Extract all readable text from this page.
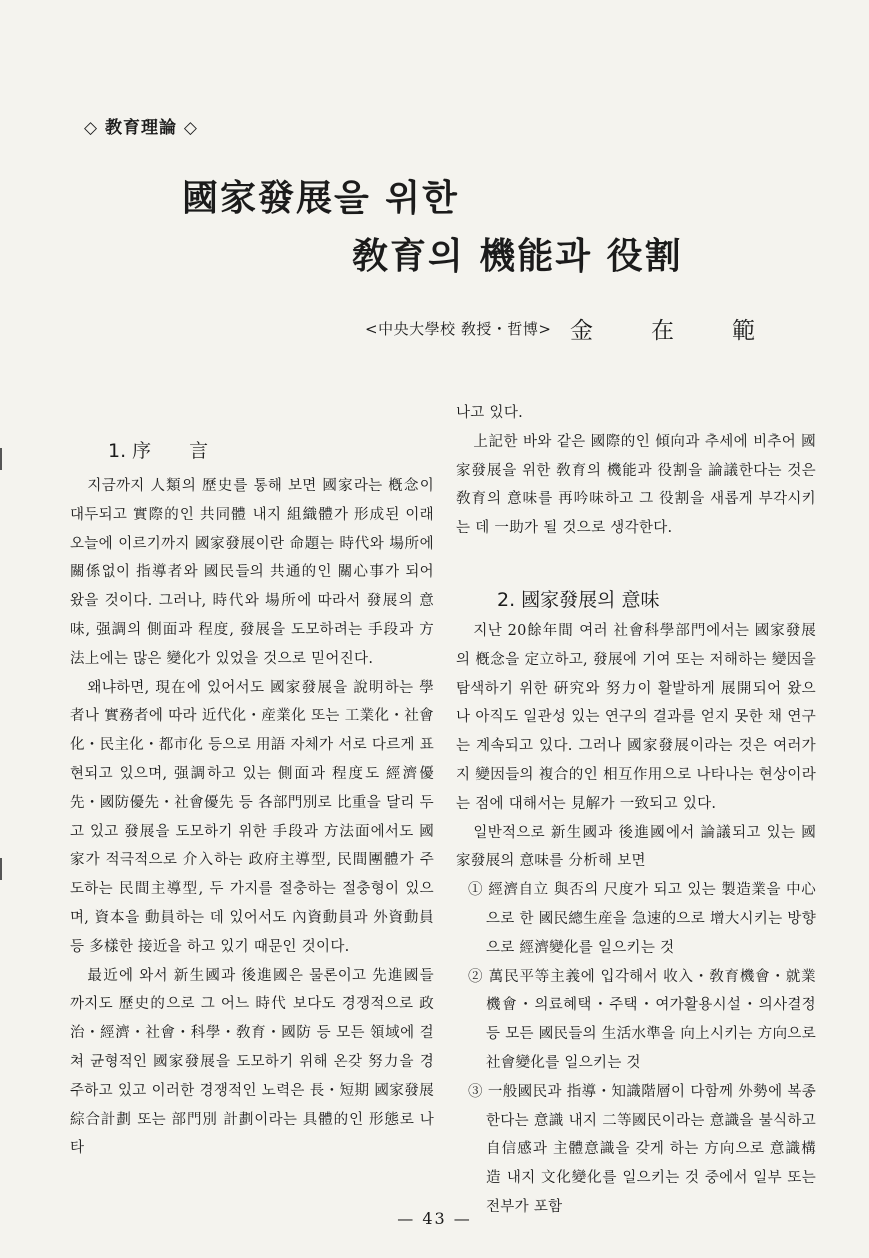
◇ 教育理論 ◇
國家發展을 위한
敎育의 機能과 役割
<中央大學校 敎授・哲博> 金	在	範
1. 序　　言

지금까지 人類의 歷史를 통해 보면 國家라는 槪念이 대두되고 實際的인 共同體 내지 組織體가 形成된 이래 오늘에 이르기까지 國家發展이란 命題는 時代와 場所에 關係없이 指導者와 國民들의 共通的인 關心事가 되어 왔을 것이다. 그러나, 時代와 場所에 따라서 發展의 意味, 强調의 側面과 程度, 發展을 도모하려는 手段과 方法上에는 많은 變化가 있었을 것으로 믿어진다.

왜냐하면, 現在에 있어서도 國家發展을 說明하는 學者나 實務者에 따라 近代化・産業化 또는 工業化・社會化・民主化・都市化 등으로 用語 자체가 서로 다르게 표현되고 있으며, 强調하고 있는 側面과 程度도 經濟優先・國防優先・社會優先 등 各部門別로 比重을 달리 두고 있고 發展을 도모하기 위한 手段과 方法面에서도 國家가 적극적으로 介入하는 政府主導型, 民間團體가 주도하는 民間主導型, 두 가지를 절충하는 절충형이 있으며, 資本을 動員하는 데 있어서도 內資動員과 外資動員 등 多樣한 接近을 하고 있기 때문인 것이다.

最近에 와서 新生國과 後進國은 물론이고 先進國들 까지도 歷史的으로 그 어느 時代 보다도 경쟁적으로 政治・經濟・社會・科學・敎育・國防 등 모든 領域에 걸쳐 균형적인 國家發展을 도모하기 위해 온갖 努力을 경주하고 있고 이러한 경쟁적인 노력은 長・短期 國家發展綜合計劃 또는 部門別 計劃이라는 具體的인 形態로 나타

나고 있다.

上記한 바와 같은 國際的인 傾向과 추세에 비추어 國家發展을 위한 敎育의 機能과 役割을 論議한다는 것은 敎育의 意味를 再吟味하고 그 役割을 새롭게 부각시키는 데 一助가 될 것으로 생각한다.

지난 20餘年間 여러 社會科學部門에서는 國家發展의 槪念을 定立하고, 發展에 기여 또는 저해하는 變因을 탐색하기 위한 硏究와 努力이 활발하게 展開되어 왔으나 아직도 일관성 있는 연구의 결과를 얻지 못한 채 연구는 계속되고 있다. 그러나 國家發展이라는 것은 여러가지 變因들의 複合的인 相互作用으로 나타나는 현상이라는 점에 대해서는 見解가 一致되고 있다.

일반적으로 新生國과 後進國에서 論議되고 있는 國家發展의 意味를 分析해 보면

① 經濟自立 與否의 尺度가 되고 있는 製造業을 中心으로 한 國民總生産을 急速的으로 增大시키는 방향으로 經濟變化를 일으키는 것
② 萬民平等主義에 입각해서 收入・敎育機會・就業機會・의료혜택・주택・여가활용시설・의사결정 등 모든 國民들의 生活水準을 向上시키는 方向으로 社會變化를 일으키는 것
③ 一般國民과 指導・知識階層이 다함께 外勢에 복종한다는 意識 내지 二等國民이라는 意識을 불식하고 自信感과 主體意識을 갖게 하는 方向으로 意識構造 내지 文化變化를 일으키는 것 중에서 일부 또는 전부가 포함
2. 國家發展의 意味
— 43 —
